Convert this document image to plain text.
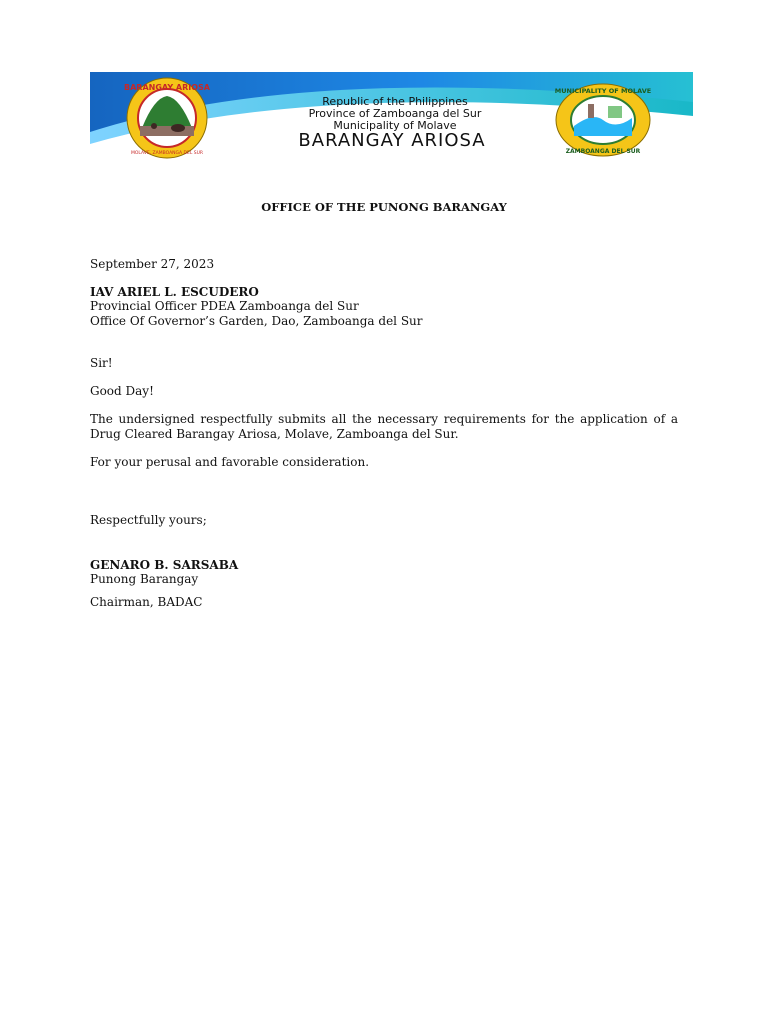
BARANGAY ARIOSA
MOLAVE, ZAMBOANGA DEL SUR
Republic of the Philippines
Province of Zamboanga del Sur
Municipality of Molave
BARANGAY ARIOSA
MUNICIPALITY OF MOLAVE
ZAMBOANGA DEL SUR
OFFICE OF THE PUNONG BARANGAY
September 27, 2023
IAV ARIEL L. ESCUDERO
Provincial Officer PDEA Zamboanga del Sur
Office Of Governor’s Garden, Dao, Zamboanga del Sur
Sir!
Good Day!
The undersigned respectfully submits all the necessary requirements for the application of a Drug Cleared Barangay Ariosa, Molave, Zamboanga del Sur.
For your perusal and favorable consideration.
Respectfully yours;
GENARO B. SARSABA
Punong Barangay
Chairman, BADAC
